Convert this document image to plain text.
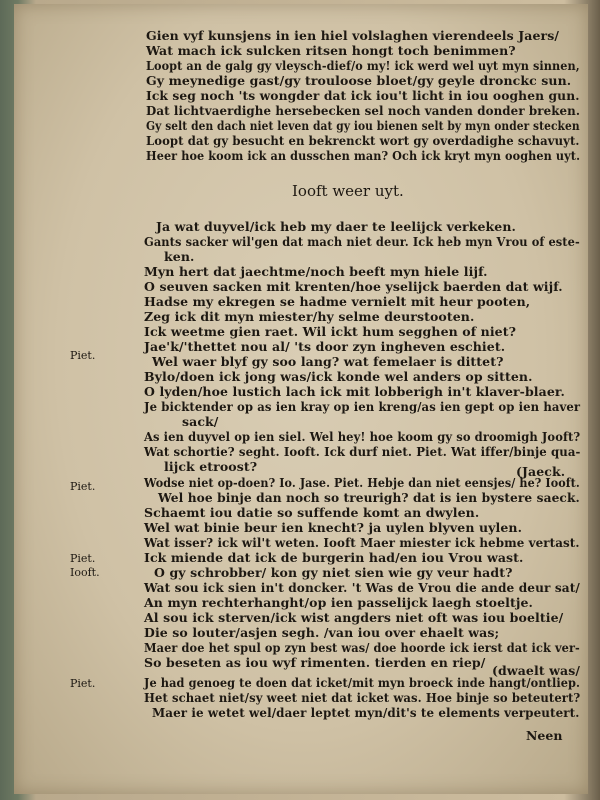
Gien vyf kunsjens in ien hiel volslaghen vierendeels Jaers/
Wat mach ick sulcken ritsen hongt toch benimmen?
Loopt an de galg gy vleysch-dief/o my! ick werd wel uyt myn sinnen,
Gy meynedige gast/gy trouloose bloet/gy geyle dronckc sun.
Ick seg noch 'ts wongder dat ick iou't licht in iou ooghen gun.
Dat lichtvaerdighe hersebecken sel noch vanden donder breken.
Gy selt den dach niet leven dat gy iou bienen selt by myn onder stecken
Loopt dat gy besucht en bekrenckt wort gy overdadighe schavuyt.
Heer hoe koom ick an dusschen man? Och ick kryt myn ooghen uyt.
Iooft weer uyt.
Ja wat duyvel/ick heb my daer te leelijck verkeken.
Gants sacker wil'gen dat mach niet deur. Ick heb myn Vrou of este-
ken.
Myn hert dat jaechtme/noch beeft myn hiele lijf.
O seuven sacken mit krenten/hoe yselijck baerden dat wijf.
Hadse my ekregen se hadme vernielt mit heur pooten,
Zeg ick dit myn miester/hy selme deurstooten.
Ick weetme gien raet. Wil ickt hum segghen of niet?
Jae'k/'thettet nou al/ 'ts door zyn ingheven eschiet.
Wel waer blyf gy soo lang? wat femelaer is dittet?
Bylo/doen ick jong was/ick konde wel anders op sitten.
O lyden/hoe lustich lach ick mit lobberigh in't klaver-blaer.
Je bicktender op as ien kray op ien kreng/as ien gept op ien haver
sack/
As ien duyvel op ien siel. Wel hey! hoe koom gy so droomigh Jooft?
Wat schortie? seght. Iooft. Ick durf niet. Piet. Wat iffer/binje qua-
lijck etroost?	(Jaeck.
Wodse niet op-doen? Io. Jase. Piet. Hebje dan niet eensjes/ he? Iooft.
Wel hoe binje dan noch so treurigh? dat is ien bystere saeck.
Schaemt iou datie so suffende komt an dwylen.
Wel wat binie beur ien knecht? ja uylen blyven uylen.
Wat isser? ick wil't weten. Iooft Maer miester ick hebme vertast.
Ick miende dat ick de burgerin had/en iou Vrou wast.
O gy schrobber/ kon gy niet sien wie gy veur hadt?
Wat sou ick sien in't doncker. 't Was de Vrou die ande deur sat/
An myn rechterhanght/op ien passelijck laegh stoeltje.
Al sou ick sterven/ick wist angders niet oft was iou boeltie/
Die so louter/asjen segh. /van iou over ehaelt was;
Maer doe het spul op zyn best was/ doe hoorde ick ierst dat ick ver-
So beseten as iou wyf rimenten. tierden en riep/
(dwaelt was/
Je had genoeg te doen dat icket/mit myn broeck inde hangt/ontliep.
Het schaet niet/sy weet niet dat icket was. Hoe binje so beteutert?
Maer ie wetet wel/daer leptet myn/dit's te elements verpeutert.
Piet.
Piet.
Piet.
Iooft.
Piet.
Neen
